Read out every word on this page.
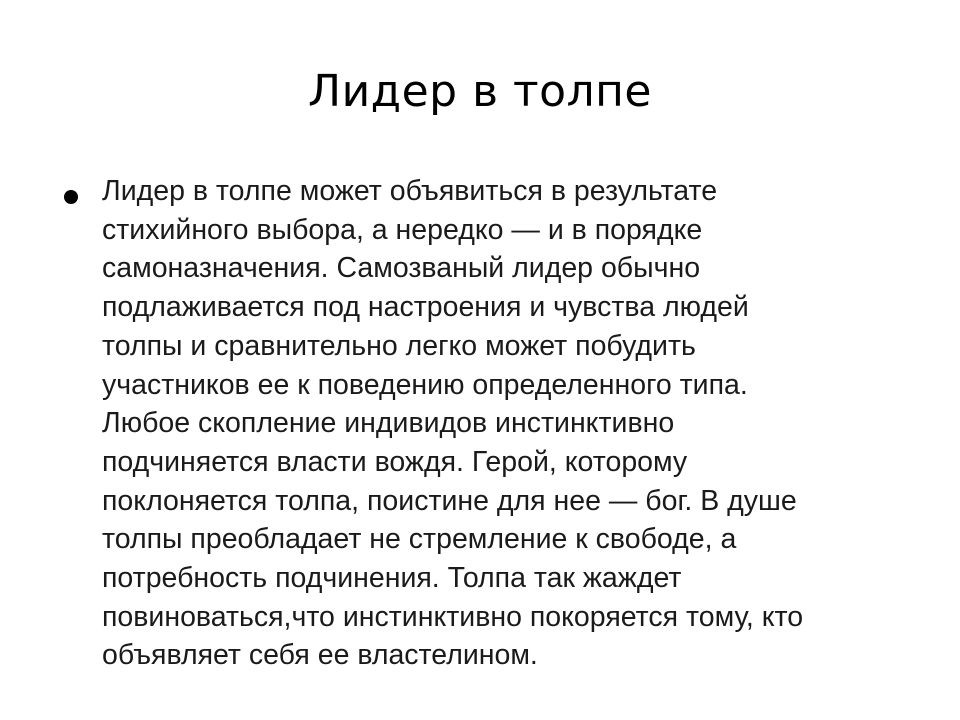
Лидер в толпе
Лидер в толпе может объявиться в результате
стихийного выбора, а нередко — и в порядке
самоназначения. Самозваный лидер обычно
подлаживается под настроения и чувства людей
толпы и сравнительно легко может побудить
участников ее к поведению определенного типа.
Любое скопление индивидов инстинктивно
подчиняется власти вождя. Герой, которому
поклоняется толпа, поистине для нее — бог. В душе
толпы преобладает не стремление к свободе, а
потребность подчинения. Толпа так жаждет
повиноваться,что инстинктивно покоряется тому, кто
объявляет себя ее властелином.
